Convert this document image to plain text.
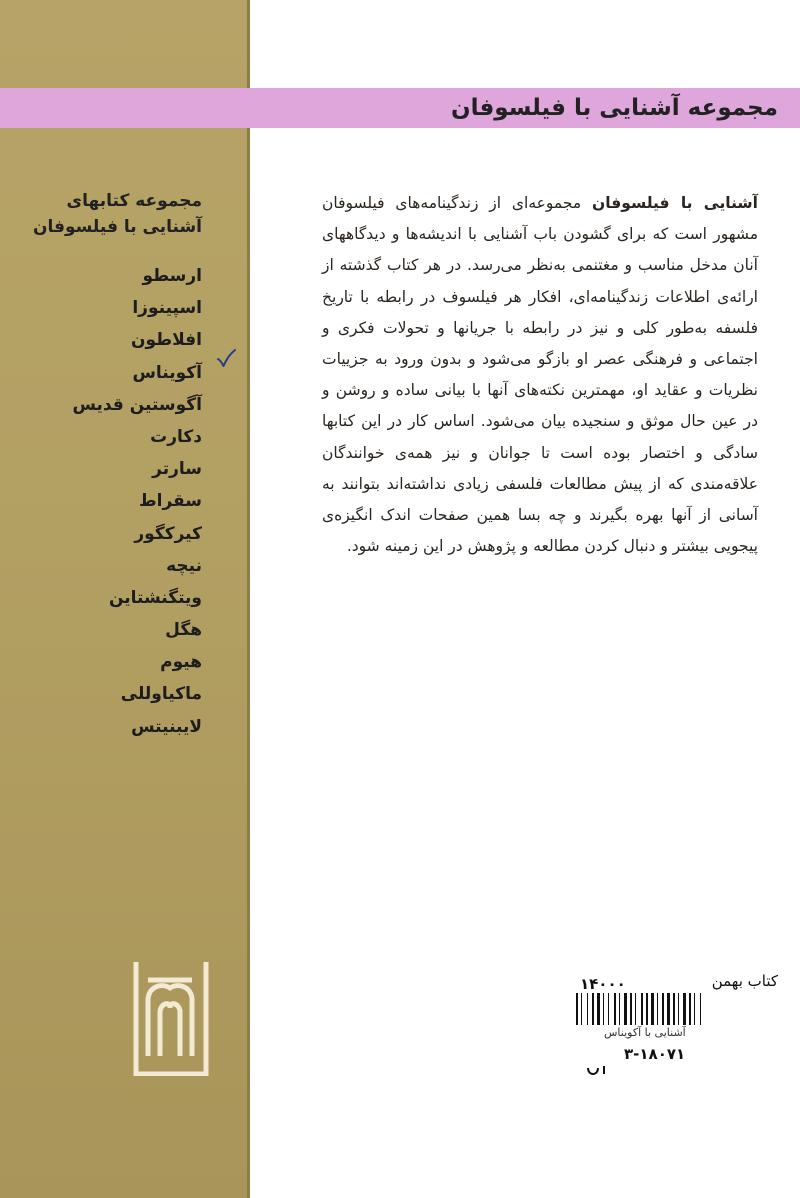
مجموعه آشنایی با فیلسوفان
مجموعه کتابهای
آشنایی با فیلسوفان
ارسطو
اسپینوزا
افلاطون
آکویناس
آگوستین قدیس
دکارت
سارتر
سقراط
کیرکگور
نیچه
ویتگنشتاین
هگل
هیوم
ماکیاوللی
لایبنیتس
آشنایی با فیلسوفان مجموعه‌ای از زندگینامه‌های فیلسوفان مشهور است که برای گشودن باب آشنایی با اندیشه‌ها و دیدگاههای آنان مدخل مناسب و مغتنمی به‌نظر می‌رسد. در هر کتاب گذشته از ارائه‌ی اطلاعات زندگینامه‌ای، افکار هر فیلسوف در رابطه با تاریخ فلسفه به‌طور کلی و نیز در رابطه با جریانها و تحولات فکری و اجتماعی و فرهنگی عصر او بازگو می‌شود و بدون ورود به جزییات نظریات و عقاید او، مهمترین نکته‌های آنها با بیانی ساده و روشن و در عین حال موثق و سنجیده بیان می‌شود. اساس کار در این کتابها سادگی و اختصار بوده است تا جوانان و نیز همه‌ی خوانندگان علاقه‌مندی که از پیش مطالعات فلسفی زیادی نداشته‌اند بتوانند به آسانی از آنها بهره بگیرند و چه بسا همین صفحات اندک انگیزه‌ی پیجویی بیشتر و دنبال کردن مطالعه و پژوهش در این زمینه شود.
کتاب بهمن
۱۴۰۰۰
آشنایی با آکویناس
۳-۱۸۰۷۱
